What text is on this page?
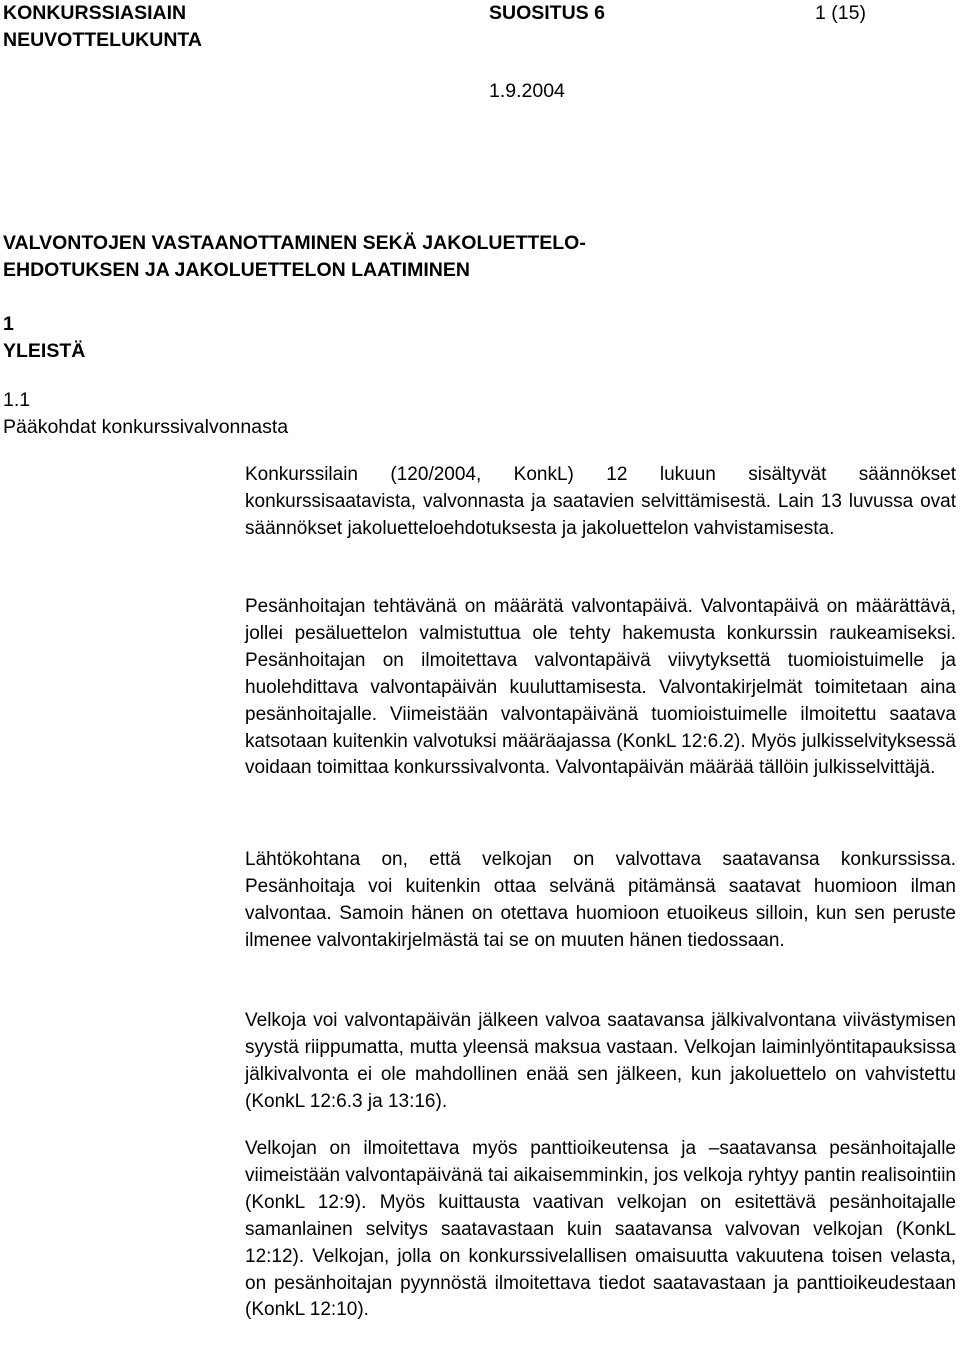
KONKURSSIASIAIN
NEUVOTTELUKUNTA
SUOSITUS 6	1 (15)
1.9.2004
VALVONTOJEN VASTAANOTTAMINEN SEKÄ JAKOLUETTELO-
EHDOTUKSEN JA JAKOLUETTELON LAATIMINEN
1
YLEISTÄ
1.1
Pääkohdat konkurssivalvonnasta

Konkurssilain (120/2004, KonkL) 12 lukuun sisältyvät säännökset konkurssisaatavista, valvonnasta ja saatavien selvittämisestä. Lain 13 luvussa ovat säännökset jakoluetteloehdotuksesta ja jakoluettelon vahvistamisesta.

Pesänhoitajan tehtävänä on määrätä valvontapäivä. Valvontapäivä on määrättävä, jollei pesäluettelon valmistuttua ole tehty hakemusta konkurssin raukeamiseksi. Pesänhoitajan on ilmoitettava valvontapäivä viivytyksettä tuomioistuimelle ja huolehdittava valvontapäivän kuuluttamisesta. Valvontakirjelmät toimitetaan aina pesänhoitajalle. Viimeistään valvontapäivänä tuomioistuimelle ilmoitettu saatava katsotaan kuitenkin valvotuksi määräajassa (KonkL 12:6.2). Myös julkisselvityksessä voidaan toimittaa konkurssivalvonta. Valvontapäivän määrää tällöin julkisselvittäjä.

Lähtökohtana on, että velkojan on valvottava saatavansa konkurssissa. Pesänhoitaja voi kuitenkin ottaa selvänä pitämänsä saatavat huomioon ilman valvontaa. Samoin hänen on otettava huomioon etuoikeus silloin, kun sen peruste ilmenee valvontakirjelmästä tai se on muuten hänen tiedossaan.

Velkoja voi valvontapäivän jälkeen valvoa saatavansa jälkivalvontana viivästymisen syystä riippumatta, mutta yleensä maksua vastaan. Velkojan laiminlyöntitapauksissa jälkivalvonta ei ole mahdollinen enää sen jälkeen, kun jakoluettelo on vahvistettu (KonkL 12:6.3 ja 13:16).

Velkojan on ilmoitettava myös panttioikeutensa ja –saatavansa pesänhoitajalle viimeistään valvontapäivänä tai aikaisemminkin, jos velkoja ryhtyy pantin realisointiin (KonkL 12:9). Myös kuittausta vaativan velkojan on esitettävä pesänhoitajalle samanlainen selvitys saatavastaan kuin saatavansa valvovan velkojan (KonkL 12:12). Velkojan, jolla on konkurssivelallisen omaisuutta vakuutena toisen velasta, on pesänhoitajan pyynnöstä ilmoitettava tiedot saatavastaan ja panttioikeudestaan (KonkL 12:10).
